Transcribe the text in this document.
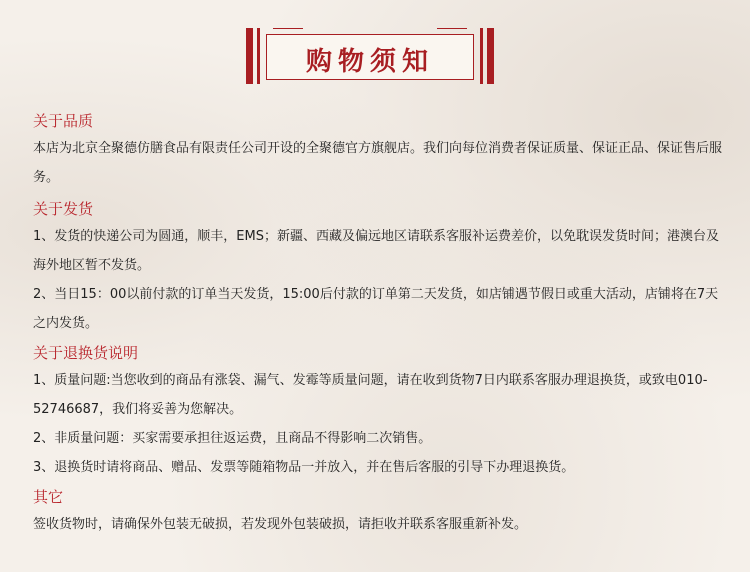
购物须知

关于品质

本店为北京全聚德仿膳食品有限责任公司开设的全聚德官方旗舰店。我们向每位消费者保证质量、保证正品、保证售后服务。

关于发货

1、发货的快递公司为圆通，顺丰，EMS；新疆、西藏及偏远地区请联系客服补运费差价，以免耽误发货时间；港澳台及海外地区暂不发货。

2、当日15：00以前付款的订单当天发货，15:00后付款的订单第二天发货，如店铺遇节假日或重大活动，店铺将在7天之内发货。

关于退换货说明

1、质量问题:当您收到的商品有涨袋、漏气、发霉等质量问题，请在收到货物7日内联系客服办理退换货，或致电010-52746687，我们将妥善为您解决。

2、非质量问题：买家需要承担往返运费，且商品不得影响二次销售。

3、退换货时请将商品、赠品、发票等随箱物品一并放入，并在售后客服的引导下办理退换货。

其它

签收货物时，请确保外包装无破损，若发现外包装破损，请拒收并联系客服重新补发。
